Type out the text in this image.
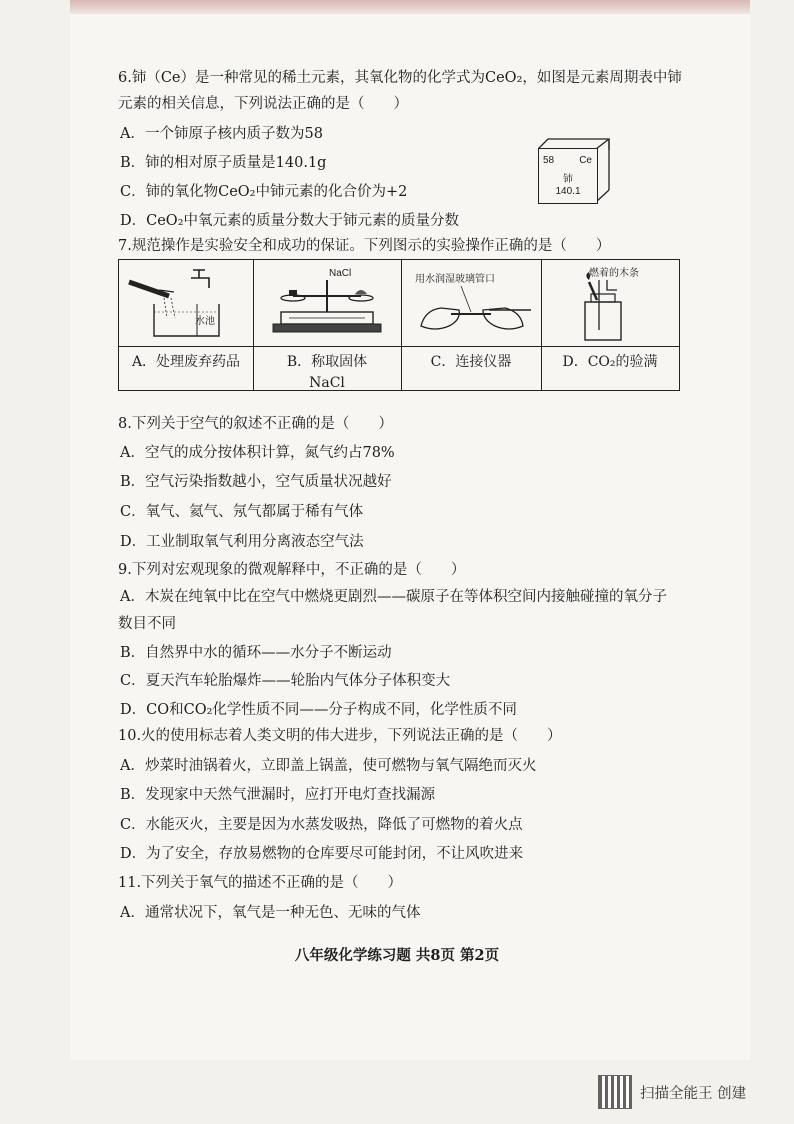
6.铈（Ce）是一种常见的稀土元素，其氧化物的化学式为CeO₂，如图是元素周期表中铈
元素的相关信息，下列说法正确的是（　　）
A．一个铈原子核内质子数为58
B．铈的相对原子质量是140.1g
C．铈的氧化物CeO₂中铈元素的化合价为+2
D．CeO₂中氧元素的质量分数大于铈元素的质量分数
58	Ce
铈
140.1
7.规范操作是实验安全和成功的保证。下列图示的实验操作正确的是（　　）
水池
A．处理废弃药品
NaCl
B．称取固体
NaCl
用水润湿玻璃管口
C．连接仪器
燃着的木条
D．CO₂的验满
8.下列关于空气的叙述不正确的是（　　）
A．空气的成分按体积计算，氮气约占78%
B．空气污染指数越小，空气质量状况越好
C．氧气、氦气、氖气都属于稀有气体
D．工业制取氧气利用分离液态空气法
9.下列对宏观现象的微观解释中，不正确的是（　　）
A．木炭在纯氧中比在空气中燃烧更剧烈——碳原子在等体积空间内接触碰撞的氧分子
数目不同
B．自然界中水的循环——水分子不断运动
C．夏天汽车轮胎爆炸——轮胎内气体分子体积变大
D．CO和CO₂化学性质不同——分子构成不同，化学性质不同
10.火的使用标志着人类文明的伟大进步，下列说法正确的是（　　）
A．炒菜时油锅着火，立即盖上锅盖，使可燃物与氧气隔绝而灭火
B．发现家中天然气泄漏时，应打开电灯查找漏源
C．水能灭火，主要是因为水蒸发吸热，降低了可燃物的着火点
D．为了安全，存放易燃物的仓库要尽可能封闭，不让风吹进来
11.下列关于氧气的描述不正确的是（　　）
A．通常状况下，氧气是一种无色、无味的气体
八年级化学练习题 共8页 第2页
扫描全能王 创建
